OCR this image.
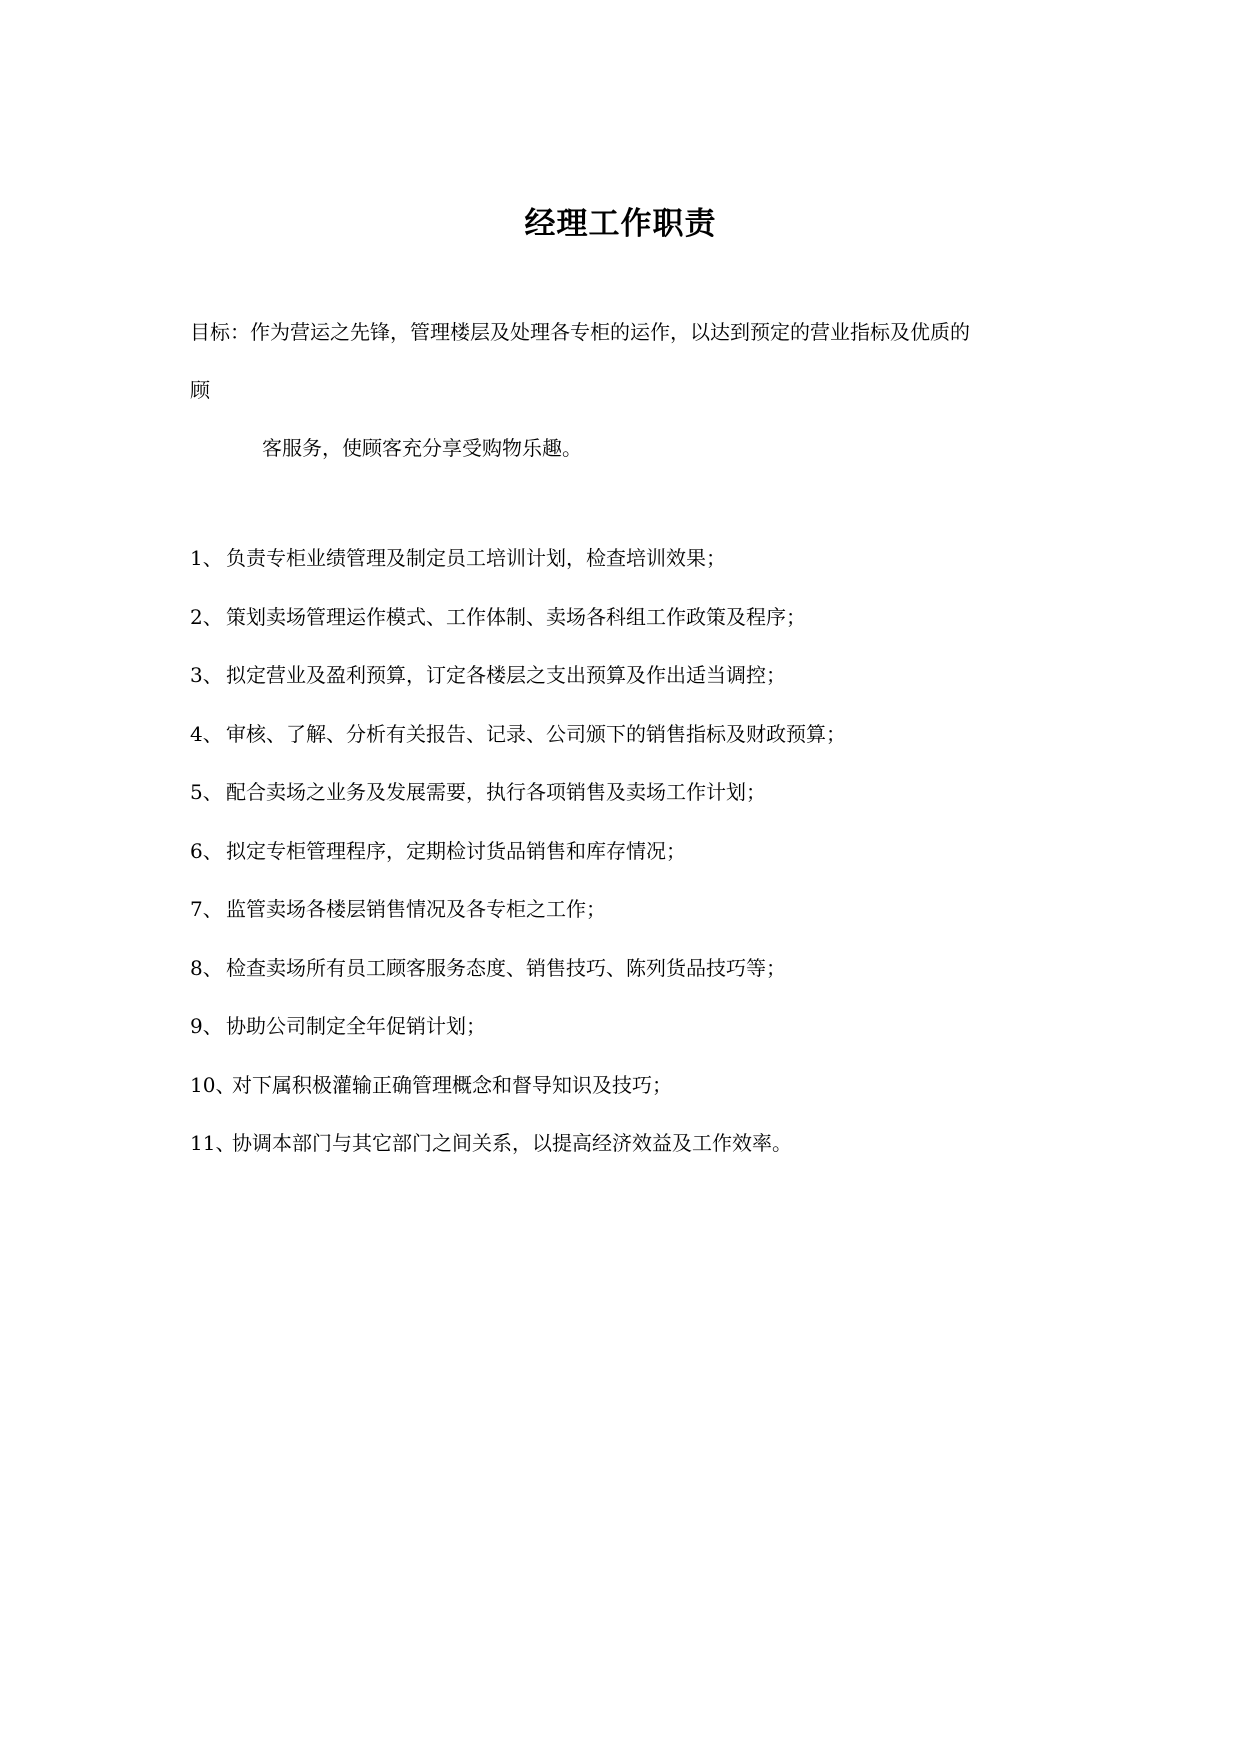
经理工作职责
目标：作为营运之先锋，管理楼层及处理各专柜的运作，以达到预定的营业指标及优质的
顾
客服务，使顾客充分享受购物乐趣。
1、 负责专柜业绩管理及制定员工培训计划，检查培训效果；
2、 策划卖场管理运作模式、工作体制、卖场各科组工作政策及程序；
3、 拟定营业及盈利预算，订定各楼层之支出预算及作出适当调控；
4、 审核、了解、分析有关报告、记录、公司颁下的销售指标及财政预算；
5、 配合卖场之业务及发展需要，执行各项销售及卖场工作计划；
6、 拟定专柜管理程序，定期检讨货品销售和库存情况；
7、 监管卖场各楼层销售情况及各专柜之工作；
8、 检查卖场所有员工顾客服务态度、销售技巧、陈列货品技巧等；
9、 协助公司制定全年促销计划；
10、
对下属积极灌输正确管理概念和督导知识及技巧；
11、
协调本部门与其它部门之间关系，以提高经济效益及工作效率。
